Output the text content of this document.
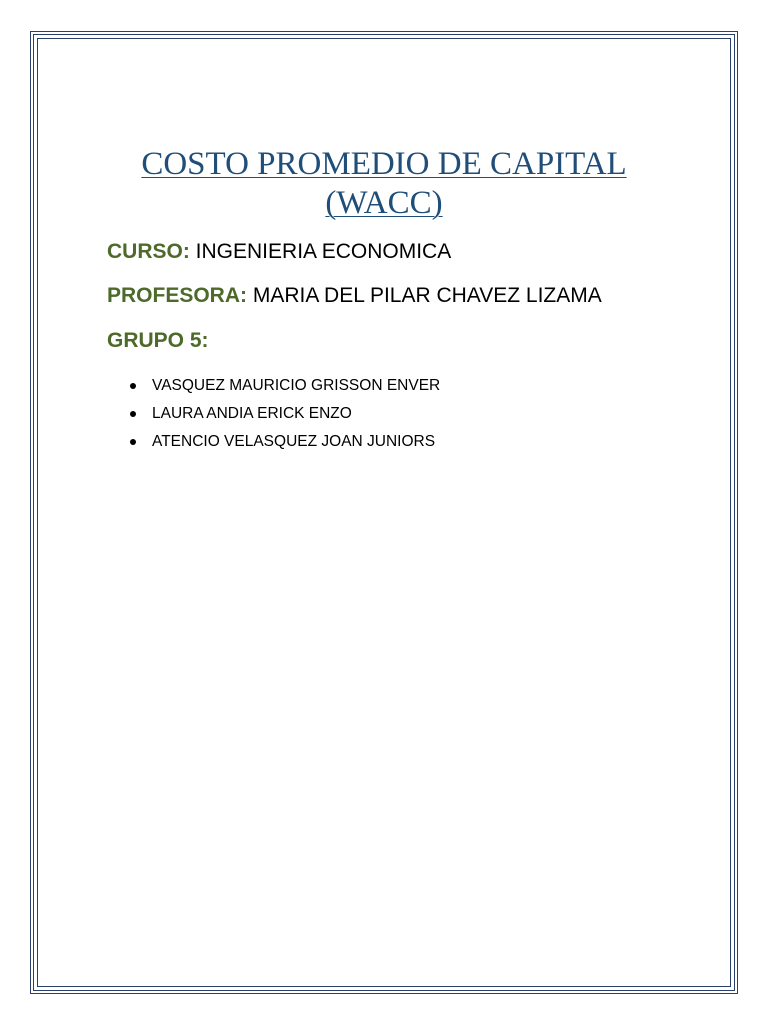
COSTO PROMEDIO DE CAPITAL
(WACC)
CURSO: INGENIERIA ECONOMICA
PROFESORA: MARIA DEL PILAR CHAVEZ LIZAMA
GRUPO 5:
VASQUEZ MAURICIO GRISSON ENVER
LAURA ANDIA ERICK ENZO
ATENCIO VELASQUEZ JOAN JUNIORS
